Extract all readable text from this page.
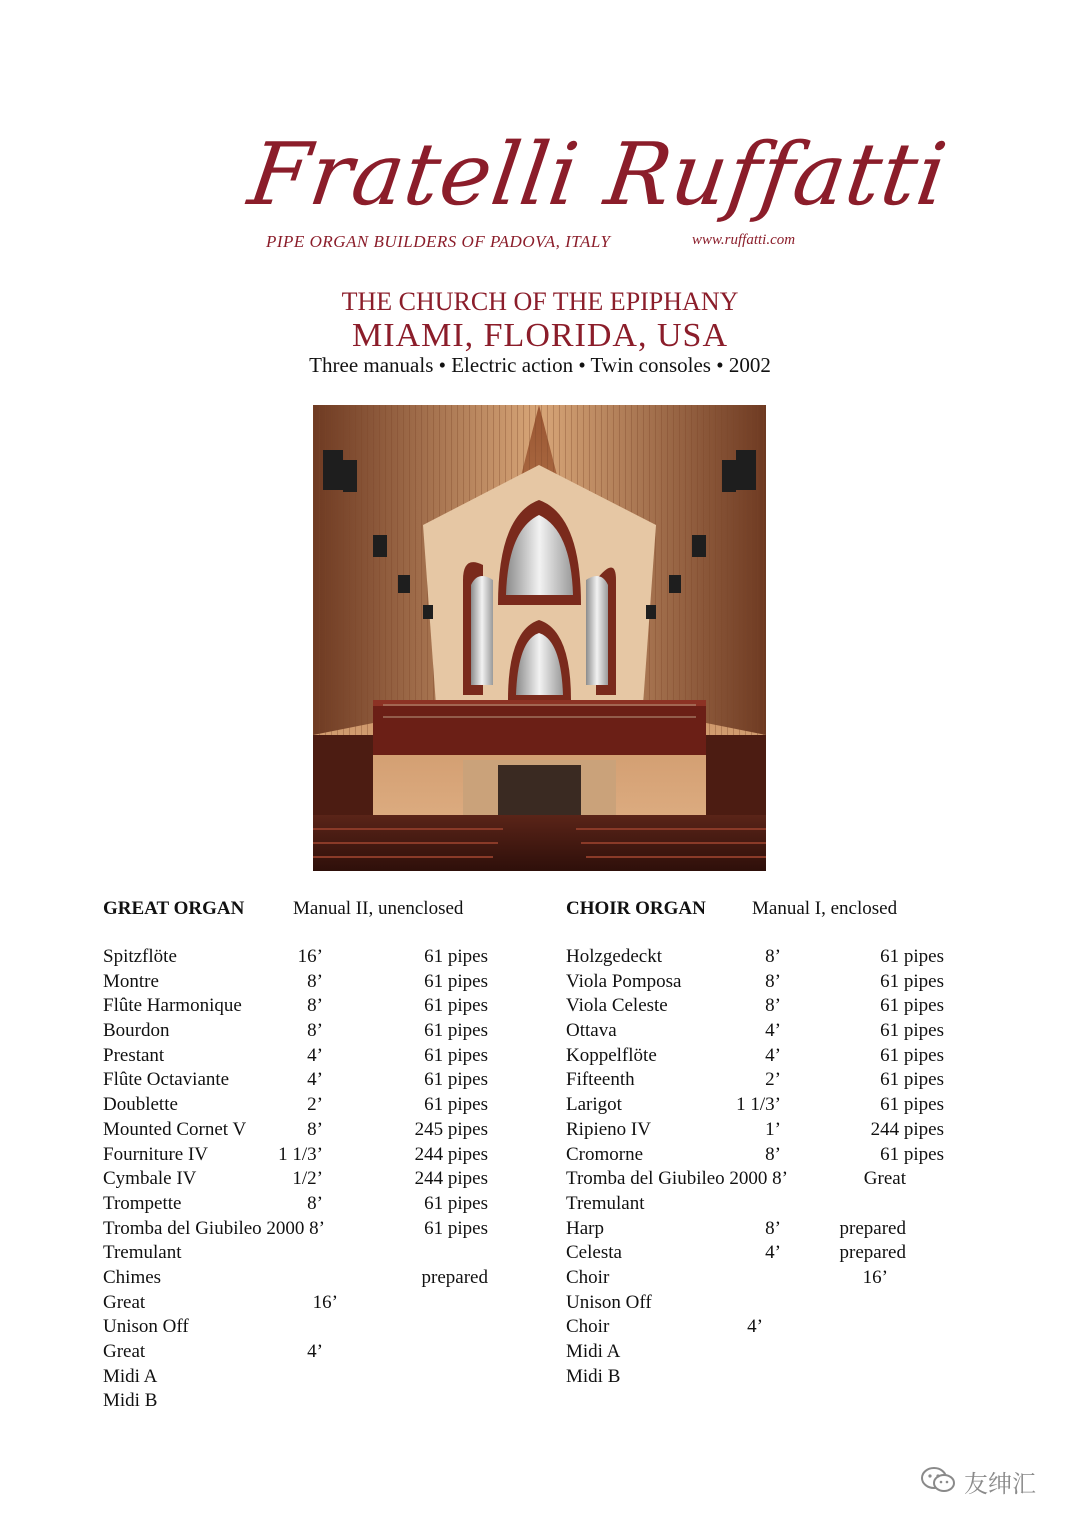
Fratelli Ruffatti
PIPE ORGAN BUILDERS OF PADOVA, ITALY	www.ruffatti.com
THE CHURCH OF THE EPIPHANY
MIAMI, FLORIDA, USA
Three manuals • Electric action • Twin consoles • 2002
GREAT ORGAN	Manual II, unenclosed
Spitzflöte	16’	61 pipes
Montre	8’	61 pipes
Flûte Harmonique	8’	61 pipes
Bourdon	8’	61 pipes
Prestant	4’	61 pipes
Flûte Octaviante	4’	61 pipes
Doublette	2’	61 pipes
Mounted Cornet V	8’	245 pipes
Fourniture IV	1 1/3’	244 pipes
Cymbale IV	1/2’	244 pipes
Trompette	8’	61 pipes
Tromba del Giubileo 2000 8’	61 pipes
Tremulant
Chimes	prepared
Great	16’
Unison Off
Great	4’
Midi A
Midi B
CHOIR ORGAN Manual I, enclosed
Holzgedeckt	8’	61 pipes
Viola Pomposa	8’	61 pipes
Viola Celeste	8’	61 pipes
Ottava	4’	61 pipes
Koppelflöte	4’	61 pipes
Fifteenth	2’	61 pipes
Larigot	1 1/3’	61 pipes
Ripieno IV	1’	244 pipes
Cromorne	8’	61 pipes
Tromba del Giubileo 2000 8’	Great
Tremulant
Harp	8’	prepared
Celesta	4’	prepared
Choir	16’
Unison Off
Choir	4’
Midi A
Midi B
友绅汇
